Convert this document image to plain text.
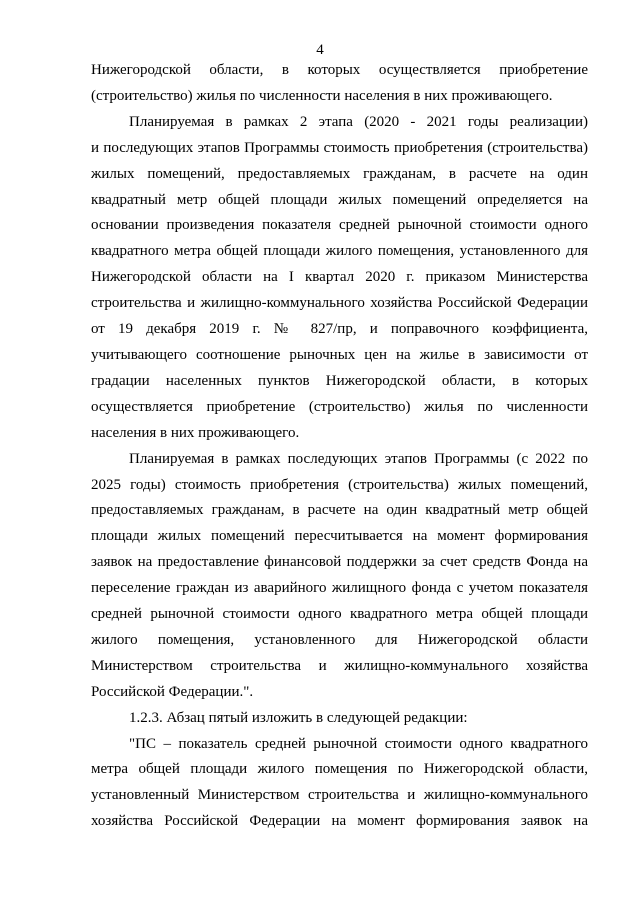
4

Нижегородской области, в которых осуществляется приобретение
(строительство) жилья по численности населения в них проживающего.

Планируемая в рамках 2 этапа (2020 - 2021 годы реализации)
и последующих этапов Программы стоимость приобретения (строительства)
жилых помещений, предоставляемых гражданам, в расчете на один
квадратный метр общей площади жилых помещений определяется на
основании произведения показателя средней рыночной стоимости одного
квадратного метра общей площади жилого помещения, установленного для
Нижегородской области на I квартал 2020 г. приказом Министерства
строительства и жилищно-коммунального хозяйства Российской Федерации
от 19 декабря 2019 г. № 827/пр, и поправочного коэффициента,
учитывающего соотношение рыночных цен на жилье в зависимости от
градации населенных пунктов Нижегородской области, в которых
осуществляется приобретение (строительство) жилья по численности
населения в них проживающего.

Планируемая в рамках последующих этапов Программы (с 2022 по
2025 годы) стоимость приобретения (строительства) жилых помещений,
предоставляемых гражданам, в расчете на один квадратный метр общей
площади жилых помещений пересчитывается на момент формирования
заявок на предоставление финансовой поддержки за счет средств Фонда на
переселение граждан из аварийного жилищного фонда с учетом показателя
средней рыночной стоимости одного квадратного метра общей площади
жилого помещения, установленного для Нижегородской области
Министерством строительства и жилищно-коммунального хозяйства
Российской Федерации.".

1.2.3. Абзац пятый изложить в следующей редакции:

"ПС – показатель средней рыночной стоимости одного квадратного
метра общей площади жилого помещения по Нижегородской области,
установленный Министерством строительства и жилищно-коммунального
хозяйства Российской Федерации на момент формирования заявок на
